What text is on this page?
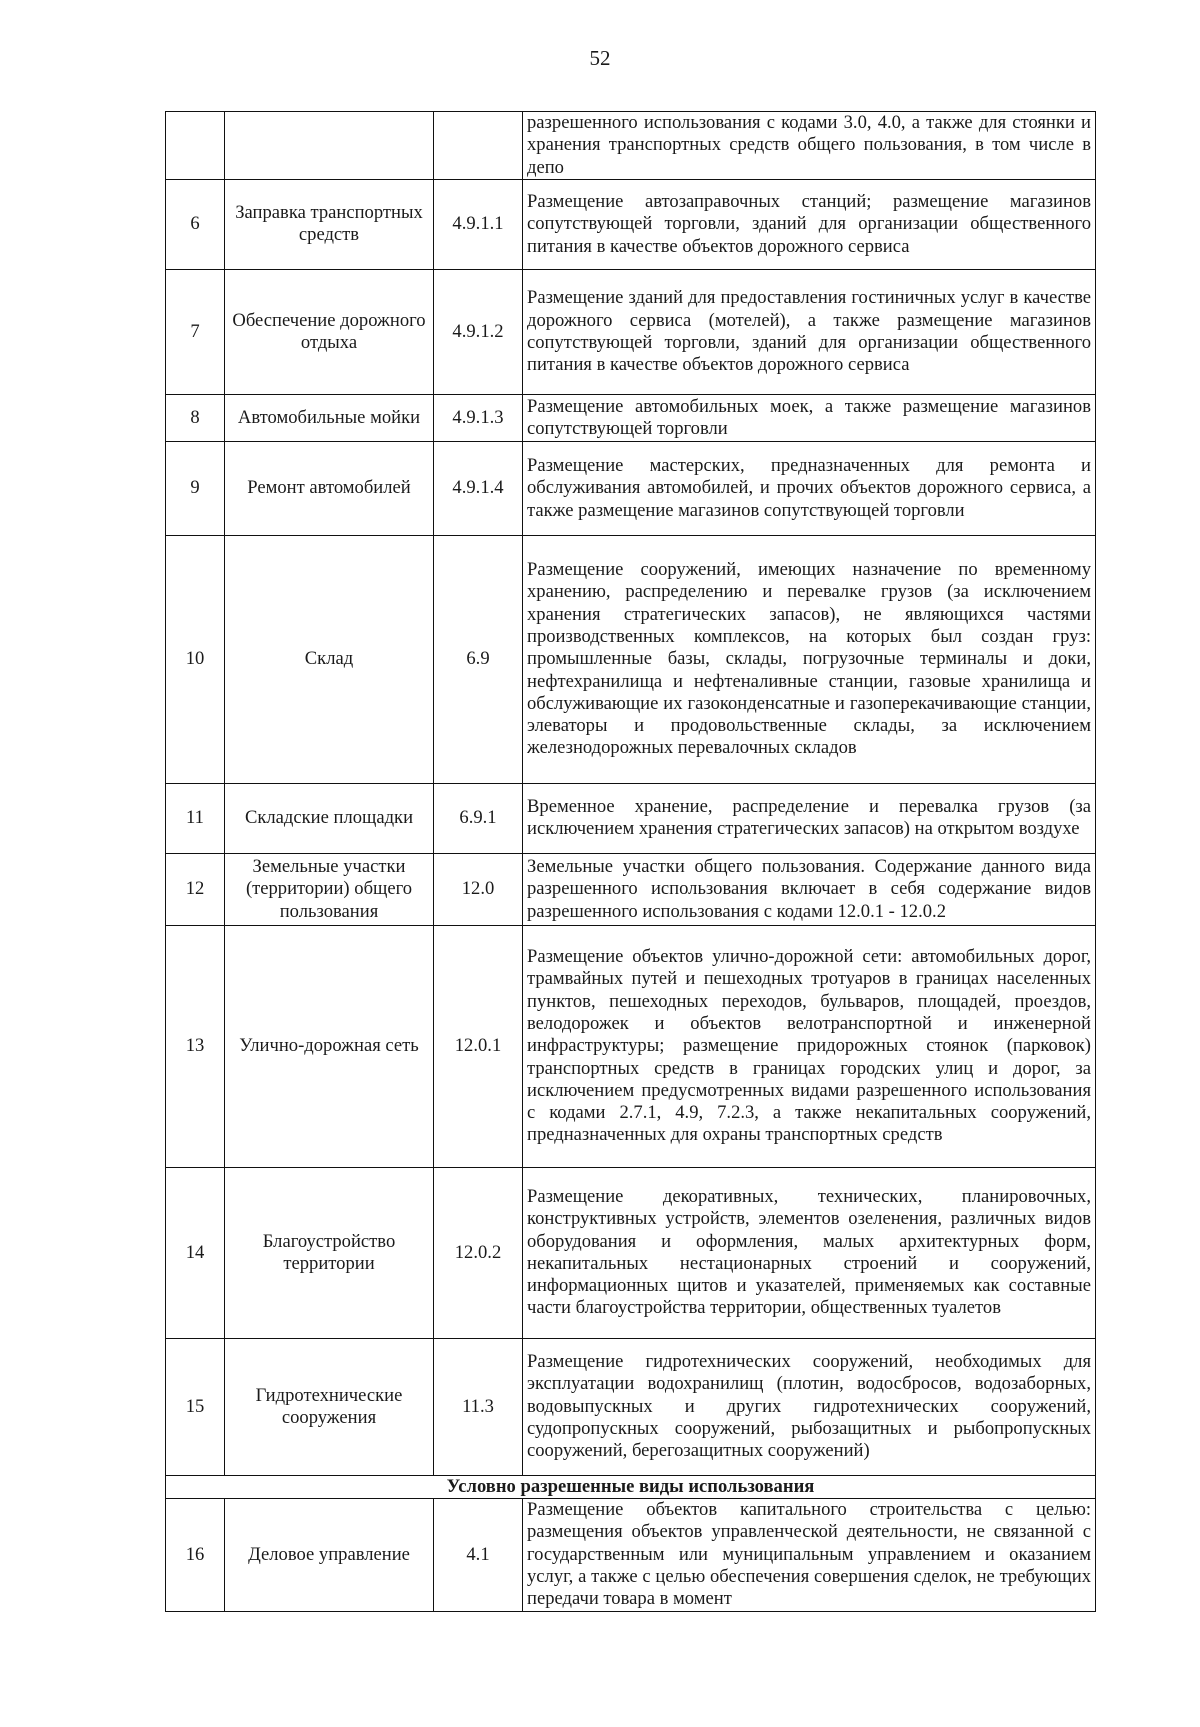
52
			разрешенного использования с кодами 3.0, 4.0, а также для стоянки и хранения транспортных средств общего пользования, в том числе в депо
6	Заправка транспортных средств	4.9.1.1	Размещение автозаправочных станций; размещение магазинов сопутствующей торговли, зданий для организации общественного питания в качестве объектов дорожного сервиса
7	Обеспечение дорожного отдыха	4.9.1.2	Размещение зданий для предоставления гостиничных услуг в качестве дорожного сервиса (мотелей), а также размещение магазинов сопутствующей торговли, зданий для организации общественного питания в качестве объектов дорожного сервиса
8	Автомобильные мойки	4.9.1.3	Размещение автомобильных моек, а также размещение магазинов сопутствующей торговли
9	Ремонт автомобилей	4.9.1.4	Размещение мастерских, предназначенных для ремонта и обслуживания автомобилей, и прочих объектов дорожного сервиса, а также размещение магазинов сопутствующей торговли
10	Склад	6.9	Размещение сооружений, имеющих назначение по временному хранению, распределению и перевалке грузов (за исключением хранения стратегических запасов), не являющихся частями производственных комплексов, на которых был создан груз: промышленные базы, склады, погрузочные терминалы и доки, нефтехранилища и нефтеналивные станции, газовые хранилища и обслуживающие их газоконденсатные и газоперекачивающие станции, элеваторы и продовольственные склады, за исключением железнодорожных перевалочных складов
11	Складские площадки	6.9.1	Временное хранение, распределение и перевалка грузов (за исключением хранения стратегических запасов) на открытом воздухе
12	Земельные участки (территории) общего пользования	12.0	Земельные участки общего пользования. Содержание данного вида разрешенного использования включает в себя содержание видов разрешенного использования с кодами 12.0.1 - 12.0.2
13	Улично-дорожная сеть	12.0.1	Размещение объектов улично-дорожной сети: автомобильных дорог, трамвайных путей и пешеходных тротуаров в границах населенных пунктов, пешеходных переходов, бульваров, площадей, проездов, велодорожек и объектов велотранспортной и инженерной инфраструктуры; размещение придорожных стоянок (парковок) транспортных средств в границах городских улиц и дорог, за исключением предусмотренных видами разрешенного использования с кодами 2.7.1, 4.9, 7.2.3, а также некапитальных сооружений, предназначенных для охраны транспортных средств
14	Благоустройство территории	12.0.2	Размещение декоративных, технических, планировочных, конструктивных устройств, элементов озеленения, различных видов оборудования и оформления, малых архитектурных форм, некапитальных нестационарных строений и сооружений, информационных щитов и указателей, применяемых как составные части благоустройства территории, общественных туалетов
15	Гидротехнические сооружения	11.3	Размещение гидротехнических сооружений, необходимых для эксплуатации водохранилищ (плотин, водосбросов, водозаборных, водовыпускных и других гидротехнических сооружений, судопропускных сооружений, рыбозащитных и рыбопропускных сооружений, берегозащитных сооружений)
Условно разрешенные виды использования			
16	Деловое управление	4.1	Размещение объектов капитального строительства с целью: размещения объектов управленческой деятельности, не связанной с государственным или муниципальным управлением и оказанием услуг, а также с целью обеспечения совершения сделок, не требующих передачи товара в момент
